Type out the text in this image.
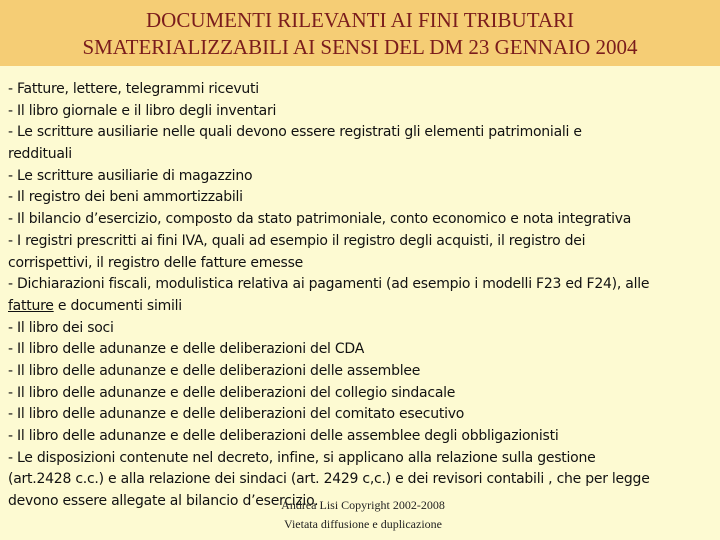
DOCUMENTI RILEVANTI AI FINI TRIBUTARI
SMATERIALIZZABILI AI SENSI DEL DM 23 GENNAIO 2004
- Fatture, lettere, telegrammi ricevuti
- Il libro giornale e il libro degli inventari
- Le scritture ausiliarie nelle quali devono essere registrati gli elementi patrimoniali e
reddituali
- Le scritture ausiliarie di magazzino
- Il registro dei beni ammortizzabili
- Il bilancio d’esercizio, composto da stato patrimoniale, conto economico e nota integrativa
- I registri prescritti ai fini IVA, quali ad esempio il registro degli acquisti, il registro dei
corrispettivi, il registro delle fatture emesse
- Dichiarazioni fiscali, modulistica relativa ai pagamenti (ad esempio i modelli F23 ed F24), alle
fatture e documenti simili
- Il libro dei soci
- Il libro delle adunanze e delle deliberazioni del CDA
- Il libro delle adunanze e delle deliberazioni delle assemblee
- Il libro delle adunanze e delle deliberazioni del collegio sindacale
- Il libro delle adunanze e delle deliberazioni del comitato esecutivo
- Il libro delle adunanze e delle deliberazioni delle assemblee degli obbligazionisti
- Le disposizioni contenute nel decreto, infine, si applicano alla relazione sulla gestione
(art.2428 c.c.) e alla relazione dei sindaci (art. 2429 c,c.) e dei revisori contabili , che per legge
devono essere allegate al bilancio d’esercizio.
Andrea Lisi Copyright 2002-2008
Vietata diffusione e duplicazione
